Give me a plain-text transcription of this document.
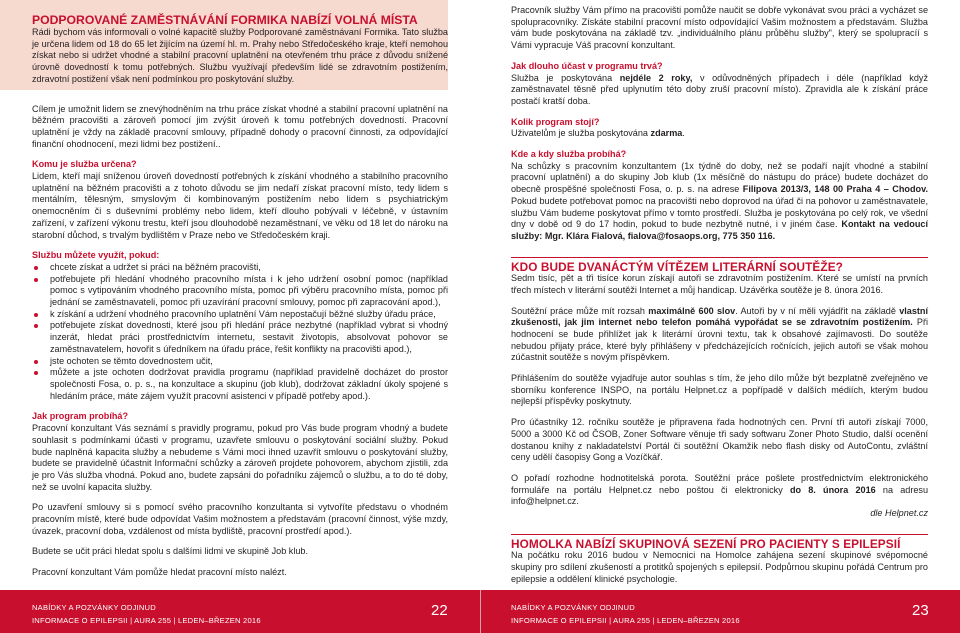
PODPOROVANÉ ZAMĚSTNÁVÁNÍ FORMIKA NABÍZÍ VOLNÁ MÍSTA

Rádi bychom vás informovali o volné kapacitě služby Podporované zaměstnávaní Formika. Tato služba je určena lidem od 18 do 65 let žijícím na území hl. m. Prahy nebo Středočeského kraje, kteří nemohou získat nebo si udržet vhodné a stabilní pracovní uplatnění na otevřeném trhu práce z důvodu snížené úrovně dovedností k tomu potřebných. Službu využívají především lidé se zdravotním postižením, zdravotní postižení však není podmínkou pro poskytování služby.

Cílem je umožnit lidem se znevýhodněním na trhu práce získat vhodné a stabilní pracovní uplatnění na běžném pracovišti a zároveň pomocí jim zvýšit úroveň k tomu potřebných dovedností. Pracovní uplatnění je vždy na základě pracovní smlouvy, případně dohody o pracovní činnosti, za odpovídající finanční ohodnocení, mezi lidmi bez postižení..

Komu je služba určena?

Lidem, kteří mají sníženou úroveň dovedností potřebných k získání vhodného a stabilního pracovního uplatnění na běžném pracovišti a z tohoto důvodu se jim nedaří získat pracovní místo, tedy lidem s mentálním, tělesným, smyslovým či kombinovaným postižením nebo lidem s psychiatrickým onemocněním či s duševními problémy nebo lidem, kteří dlouho pobývali v léčebně, v ústavním zařízení, v zařízení výkonu trestu, kteří jsou dlouhodobě nezaměstnaní, ve věku od 18 let do nároku na starobní důchod, s trvalým bydlištěm v Praze nebo ve Středočeském kraji.

Službu můžete využít, pokud:
chcete získat a udržet si práci na běžném pracovišti,
potřebujete při hledání vhodného pracovního místa i k jeho udržení osobní pomoc (například pomoc s vytipováním vhodného pracovního místa, pomoc při výběru pracovního místa, pomoc při jednání se zaměstnavateli, pomoc při uzavírání pracovní smlouvy, pomoc při zapracování apod.),
k získání a udržení vhodného pracovního uplatnění Vám nepostačují běžné služby úřadu práce,
potřebujete získat dovednosti, které jsou při hledání práce nezbytné (například vybrat si vhodný inzerát, hledat práci prostřednictvím internetu, sestavit životopis, absolvovat pohovor se zaměstnavatelem, hovořit s úředníkem na úřadu práce, řešit konflikty na pracovišti apod.),
jste ochoten se těmto dovednostem učit,
můžete a jste ochoten dodržovat pravidla programu (například pravidelně docházet do prostor společnosti Fosa, o. p. s., na konzultace a skupinu (job klub), dodržovat základní úkoly spojené s hledáním práce, máte zájem využít pracovní asistenci v případě potřeby apod.).
Jak program probíhá?

Pracovní konzultant Vás seznámí s pravidly programu, pokud pro Vás bude program vhodný a budete souhlasit s podmínkami účasti v programu, uzavřete smlouvu o poskytování sociální služby. Pokud bude naplněná kapacita služby a nebudeme s Vámi moci ihned uzavřít smlouvu o poskytování služby, budete se pravidelně účastnit Informační schůzky a zároveň projdete pohovorem, abychom zjistili, zda je pro Vás služba vhodná. Pokud ano, budete zapsáni do pořadníku zájemců o službu, a to do té doby, než se uvolní kapacita služby.

Po uzavření smlouvy si s pomocí svého pracovního konzultanta si vytvoříte představu o vhodném pracovním místě, které bude odpovídat Vašim možnostem a představám (pracovní činnost, výše mzdy, úvazek, pracovní doba, vzdálenost od místa bydliště, pracovní prostředí apod.).

Budete se učit práci hledat spolu s dalšími lidmi ve skupině Job klub.

Pracovní konzultant Vám pomůže hledat pracovní místo nalézt.

Pracovník služby Vám přímo na pracovišti pomůže naučit se dobře vykonávat svou práci a vycházet se spolupracovníky. Získáte stabilní pracovní místo odpovídající Vašim možnostem a představám. Služba vám bude poskytována na základě tzv. „individuálního plánu průběhu služby", který se spolupracíí s Vámi vypracuje Váš pracovní konzultant.

Jak dlouho účast v programu trvá?

Služba je poskytována nejdéle 2 roky, v odůvodněných případech i déle (například když zaměstnavatel těsně před uplynutím této doby zruší pracovní místo). Zpravidla ale k získání práce postačí kratší doba.

Kolik program stojí?

Uživatelům je služba poskytována zdarma.

Kde a kdy služba probíhá?

Na schůzky s pracovním konzultantem (1x týdně do doby, než se podaří najít vhodné a stabilní pracovní uplatnění) a do skupiny Job klub (1x měsíčně do nástupu do práce) budete docházet do obecně prospěšné společnosti Fosa, o. p. s. na adrese Filipova 2013/3, 148 00 Praha 4 – Chodov. Pokud budete potřebovat pomoc na pracovišti nebo doprovod na úřad či na pohovor u zaměstnavatele, službu Vám budeme poskytovat přímo v tomto prostředí. Služba je poskytována po celý rok, ve všední dny v době od 9 do 17 hodin, pokud to bude nezbytně nutné, i v jiném čase. Kontakt na vedoucí služby: Mgr. Klára Fialová, fialova@fosaops.org, 775 350 116.

KDO BUDE DVANÁCTÝM VÍTĚZEM LITERÁRNÍ SOUTĚŽE?

Sedm tisíc, pět a tři tisíce korun získají autoři se zdravotním postižením. Které se umístí na prvních třech místech v literární soutěži Internet a můj handicap. Uzávěrka soutěže je 8. února 2016.

Soutěžní práce může mít rozsah maximálně 600 slov. Autoři by v ní měli vyjádřit na základě vlastní zkušenosti, jak jim internet nebo telefon pomáhá vypořádat se se zdravotním postižením. Při hodnocení se bude přihlížet jak k literární úrovni textu, tak k obsahové zajímavosti. Do soutěže nebudou přijaty práce, které byly přihlášeny v předcházejících ročnících, jejich autoři se však mohou zúčastnit soutěže s novým příspěvkem.

Přihlášením do soutěže vyjadřuje autor souhlas s tím, že jeho dílo může být bezplatně zveřejněno ve sborníku konference INSPO, na portálu Helpnet.cz a popřípadě v dalších médiích, kterým budou nejlepší příspěvky poskytnuty.

Pro účastníky 12. ročníku soutěže je připravena řada hodnotných cen. První tři autoři získají 7000, 5000 a 3000 Kč od ČSOB, Zoner Software věnuje tři sady softwaru Zoner Photo Studio, další ocenění dostanou knihy z nakladatelství Portál či soutěžní Okamžik nebo flash disky od AutoContu, zvláštní ceny udělí časopisy Gong a Vozíčkář.

O pořadí rozhodne hodnotitelská porota. Soutěžní práce pošlete prostřednictvím elektronického formuláře na portálu Helpnet.cz nebo poštou či elektronicky do 8. února 2016 na adresu info@helpnet.cz.

dle Helpnet.cz

HOMOLKA NABÍZÍ SKUPINOVÁ SEZENÍ PRO PACIENTY S EPILEPSIÍ

Na počátku roku 2016 budou v Nemocnici na Homolce zahájena sezení skupinové svépomocné skupiny pro sdílení zkušeností a protitků spojených s epilepsií. Podpůrnou skupinu pořádá Centrum pro epilepsie a oddělení klinické psychologie.

NABÍDKY A POZVÁNKY ODJINUD
INFORMACE O EPILEPSII | AURA 255 | LEDEN–BŘEZEN 2016
22	NABÍDKY A POZVÁNKY ODJINUD
INFORMACE O EPILEPSII | AURA 255 | LEDEN–BŘEZEN 2016
23
